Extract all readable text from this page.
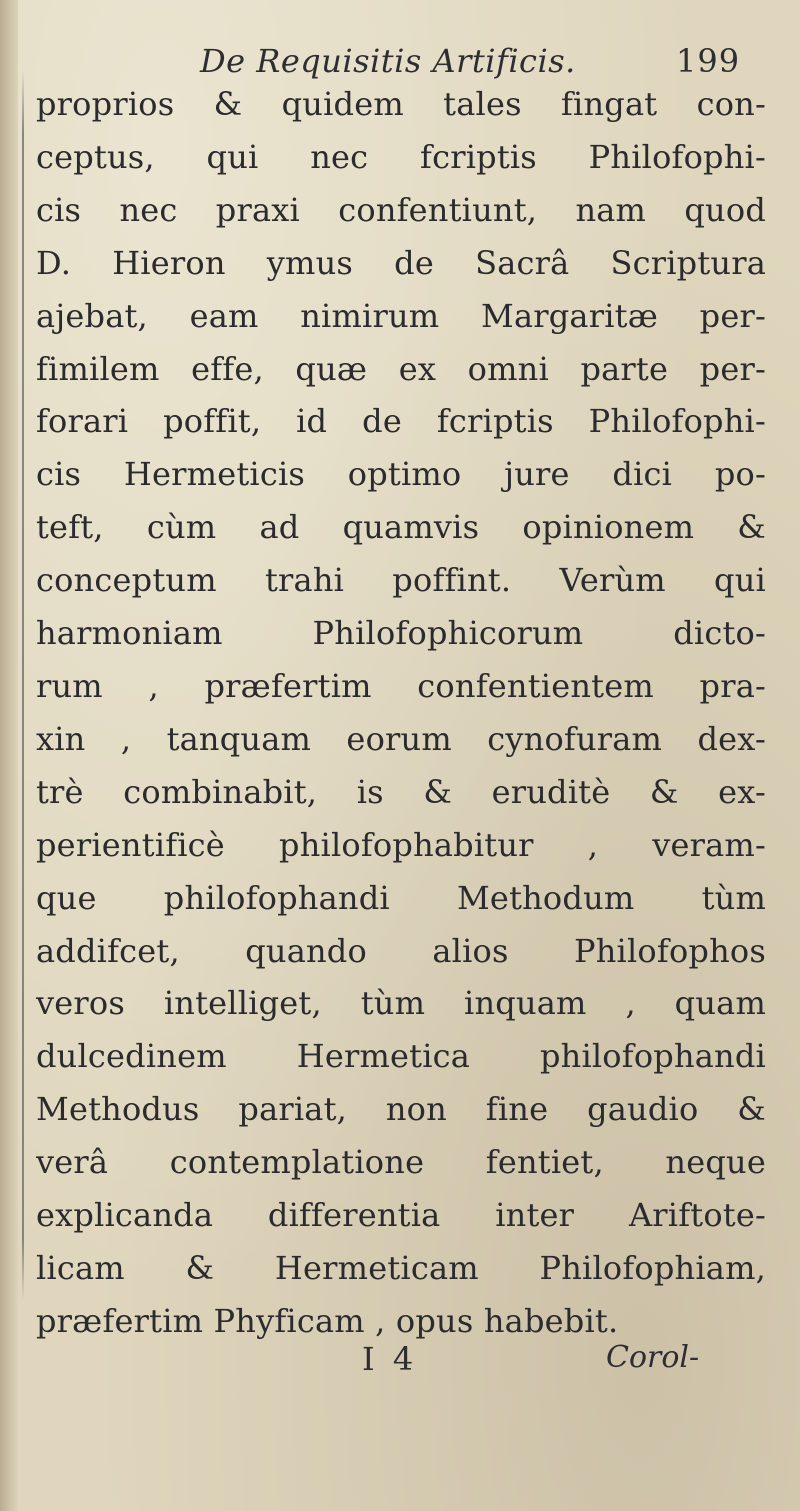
De Requisitis Artificis.	199
proprios & quidem tales fingat con-
ceptus, qui nec fcriptis Philofophi-
cis nec praxi confentiunt, nam quod
D. Hieron ymus de Sacrâ Scriptura
ajebat, eam nimirum Margaritæ per-
fimilem effe, quæ ex omni parte per-
forari poffit, id de fcriptis Philofophi-
cis Hermeticis optimo jure dici po-
teft, cùm ad quamvis opinionem &
conceptum trahi poffint. Verùm qui
harmoniam Philofophicorum dicto-
rum , præfertim confentientem pra-
xin , tanquam eorum cynofuram dex-
trè combinabit, is & eruditè & ex-
perientificè philofophabitur , veram-
que philofophandi Methodum tùm
addifcet, quando alios Philofophos
veros intelliget, tùm inquam , quam
dulcedinem Hermetica philofophandi
Methodus pariat, non fine gaudio &
verâ contemplatione fentiet, neque
explicanda differentia inter Ariftote-
licam & Hermeticam Philofophiam,
præfertim Phyficam , opus habebit.
I 4	Corol-
